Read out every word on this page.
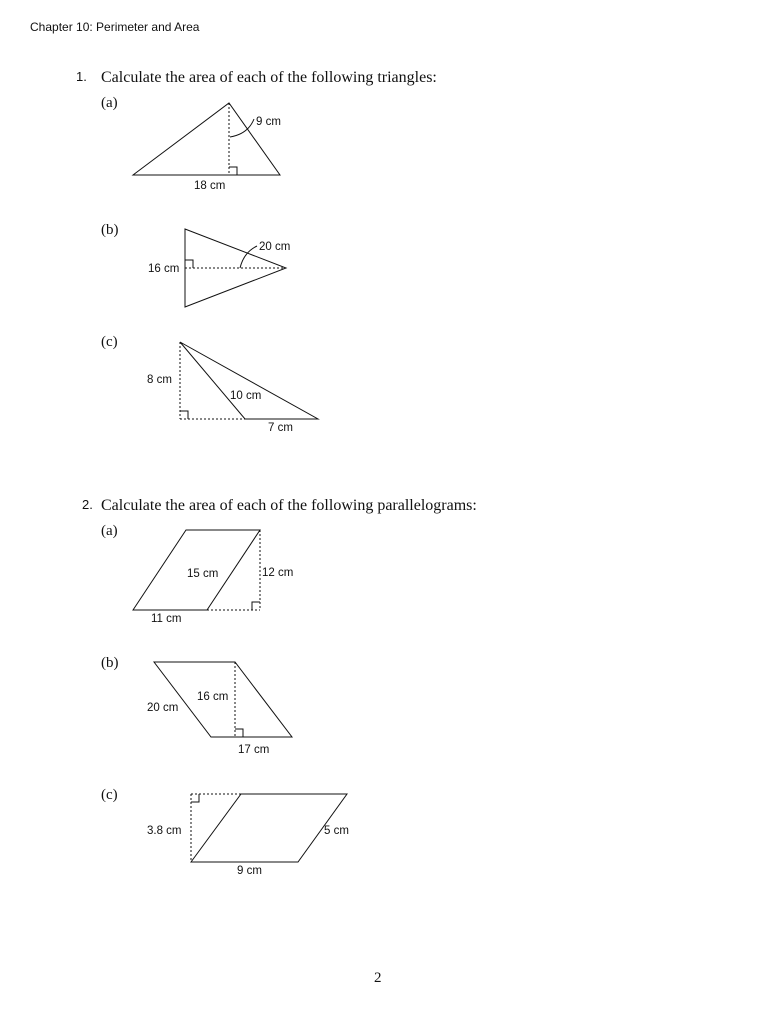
Chapter 10: Perimeter and Area
1. Calculate the area of each of the following triangles:
(a)
(b)
(c)
2. Calculate the area of each of the following parallelograms:
(a)
(b)
(c)
9 cm
18 cm
20 cm
16 cm
8 cm
10 cm
7 cm
15 cm	12 cm
11 cm
16 cm
20 cm
17 cm
3.8 cm	5 cm
9 cm
2
